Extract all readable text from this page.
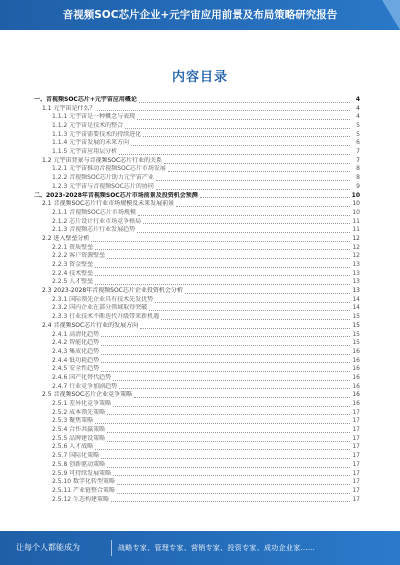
音视频SOC芯片企业+元宇宙应用前景及布局策略研究报告
内容目录
一、音视频SOC芯片+元宇宙应用概论	4
1.1 元宇宙是什么？	4
1.1.1 元宇宙是一种概念与表现	4
1.1.2 元宇宙是技术的整合	5
1.1.3 元宇宙需要技术的持续进化	5
1.1.4 元宇宙发展的未来方向	6
1.1.5 元宇宙应用层分析	7
1.2 元宇宙背景与音视频SOC芯片行业的关系	7
1.2.1 元宇宙推动音视频SOC芯片市场发展	8
1.2.2 音视频SOC芯片助力元宇宙产业	8
1.2.3 元宇宙与音视频SOC芯片的协同	9
二、2023-2028年音视频SOC芯片市场前景及投资机会预测	10
2.1 音视频SOC芯片行业市场规模及未来发展前景	10
2.1.1 音视频SOC芯片市场规模	10
2.1.2 芯片设计行业市场竞争格局	11
2.1.3 音视频芯片行业发展趋势	11
2.2 进入壁垒分析	12
2.2.1 资质壁垒	12
2.2.2 客户资源壁垒	12
2.2.3 资金壁垒	13
2.2.4 技术壁垒	13
2.2.5 人才壁垒	13
2.3 2023-2028年音视频SOC芯片企业投资机会分析	13
2.3.1 国际领先企业具有技术先发优势	14
2.3.2 国内企业在部分领域取得突破	14
2.3.3 行业技术不断迭代升级带来新机遇	15
2.4 音视频SOC芯片行业的发展方向	15
2.4.1 高清化趋势	15
2.4.2 智能化趋势	15
2.4.3 集成化趋势	16
2.4.4 低功耗趋势	16
2.4.5 安全性趋势	16
2.4.6 国产化替代趋势	16
2.4.7 行业竞争加剧趋势	16
2.5 音视频SOC芯片企业竞争策略	16
2.5.1 差异化竞争策略	16
2.5.2 成本领先策略	17
2.5.3 聚焦策略	17
2.5.4 合作共赢策略	17
2.5.5 品牌建设策略	17
2.5.6 人才战略	17
2.5.7 国际化策略	17
2.5.8 创新驱动策略	17
2.5.9 可持续发展策略	17
2.5.10 数字化转型策略	17
2.5.11 产业链整合策略	17
2.5.12 生态构建策略	17
让每个人都能成为	战略专家、管理专家、营销专家、投资专家、成功企业家……
